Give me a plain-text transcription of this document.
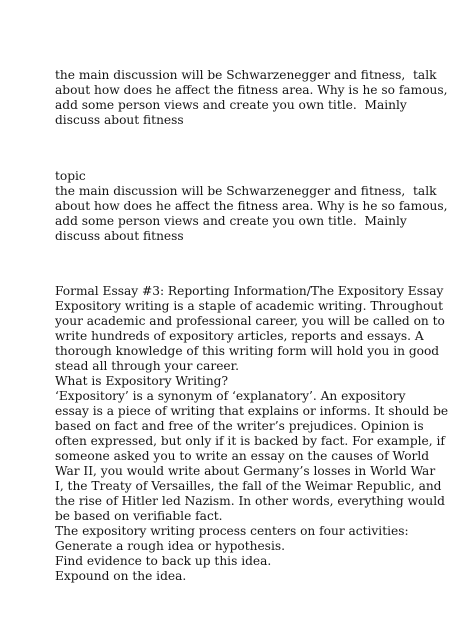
the main discussion will be Schwarzenegger and fitness,  talk
about how does he affect the fitness area. Why is he so famous,
add some person views and create you own title.  Mainly
discuss about fitness
topic
the main discussion will be Schwarzenegger and fitness,  talk
about how does he affect the fitness area. Why is he so famous,
add some person views and create you own title.  Mainly
discuss about fitness
Formal Essay #3: Reporting Information/The Expository Essay
Expository writing is a staple of academic writing. Throughout
your academic and professional career, you will be called on to
write hundreds of expository articles, reports and essays. A
thorough knowledge of this writing form will hold you in good
stead all through your career.
What is Expository Writing?
‘Expository’ is a synonym of ‘explanatory’. An expository
essay is a piece of writing that explains or informs. It should be
based on fact and free of the writer’s prejudices. Opinion is
often expressed, but only if it is backed by fact. For example, if
someone asked you to write an essay on the causes of World
War II, you would write about Germany’s losses in World War
I, the Treaty of Versailles, the fall of the Weimar Republic, and
the rise of Hitler led Nazism. In other words, everything would
be based on verifiable fact.
The expository writing process centers on four activities:
Generate a rough idea or hypothesis.
Find evidence to back up this idea.
Expound on the idea.
